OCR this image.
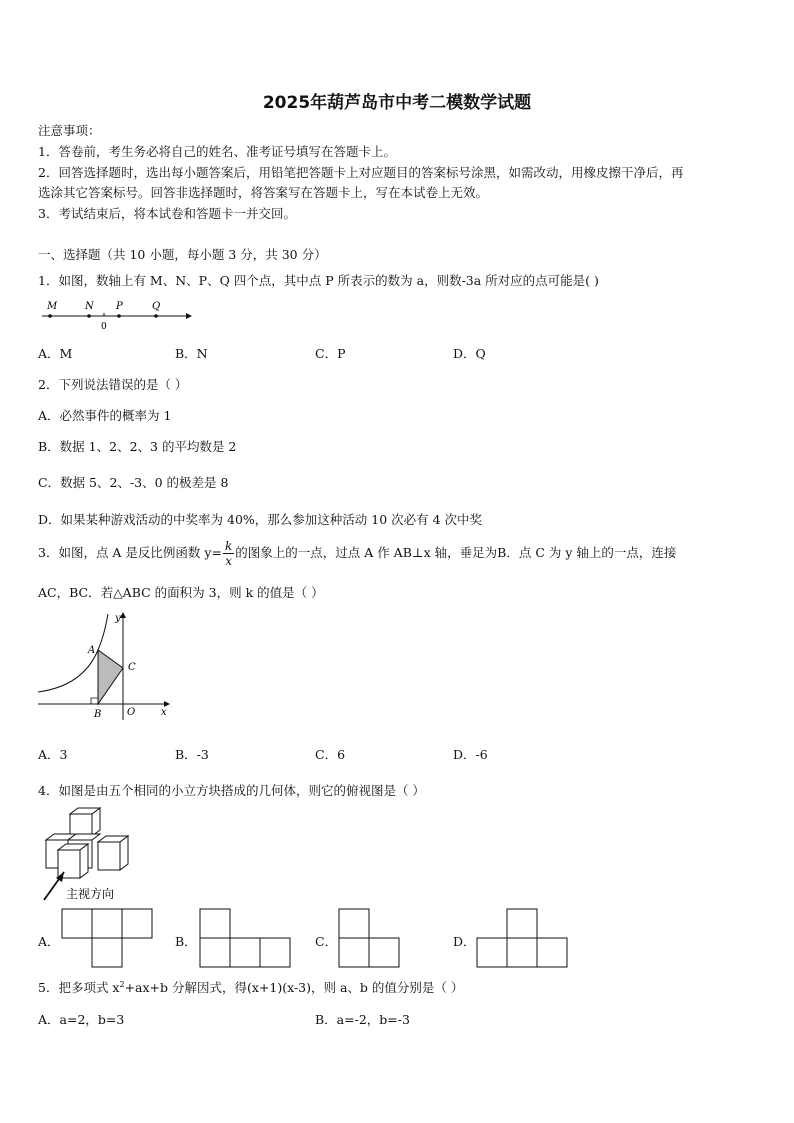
2025年葫芦岛市中考二模数学试题
注意事项：
1．答卷前，考生务必将自己的姓名、准考证号填写在答题卡上。
2．回答选择题时，选出每小题答案后，用铅笔把答题卡上对应题目的答案标号涂黑，如需改动，用橡皮擦干净后，再
选涂其它答案标号。回答非选择题时，将答案写在答题卡上，写在本试卷上无效。
3．考试结束后，将本试卷和答题卡一并交回。
一、选择题（共 10 小题，每小题 3 分，共 30 分）
1．如图，数轴上有 M、N、P、Q 四个点，其中点 P 所表示的数为 a，则数-3a 所对应的点可能是( )
M	N P	Q
0
A．M	B．N	C．P	D．Q
2．下列说法错误的是（ ）
A．必然事件的概率为 1
B．数据 1、2、2、3 的平均数是 2
C．数据 5、2、-3、0 的极差是 8
D．如果某种游戏活动的中奖率为 40%，那么参加这种活动 10 次必有 4 次中奖
3．如图，点 A 是反比例函数 $y= \frac{k}{x}$ 的图象上的一点，过点 A 作 AB⊥x 轴，垂足为B．点 C 为 y 轴上的一点，连接
AC，BC．若△ABC 的面积为 3，则 k 的值是（ ）
A
B
C
O	x
y
A．3	B．-3	C．6	D．-6
4．如图是由五个相同的小立方块搭成的几何体，则它的俯视图是（ ）
主视方向
A．	B．	C．	D．
5．把多项式 $x^2+ax+b$ 分解因式，得(x+1)(x-3)，则 a、b 的值分别是（ ）
A．a=2，b=3	B．a=-2，b=-3
